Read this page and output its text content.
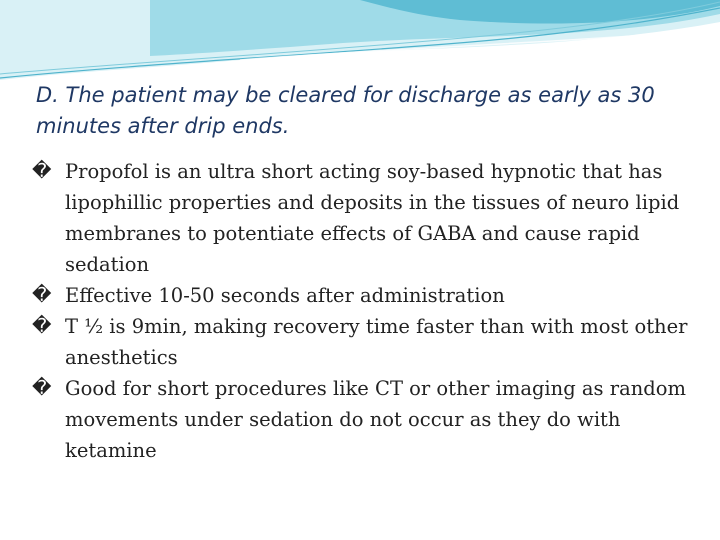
D. The patient may be cleared for discharge as early as 30 minutes after drip ends.
� Propofol is an ultra short acting soy-based hypnotic that has lipophillic properties and deposits in the tissues of neuro lipid membranes to potentiate effects of GABA and cause rapid sedation
� Effective 10-50 seconds after administration
� T ½ is 9min, making recovery time faster than with most other anesthetics
� Good for short procedures like CT or other imaging as random movements under sedation do not occur as they do with ketamine
